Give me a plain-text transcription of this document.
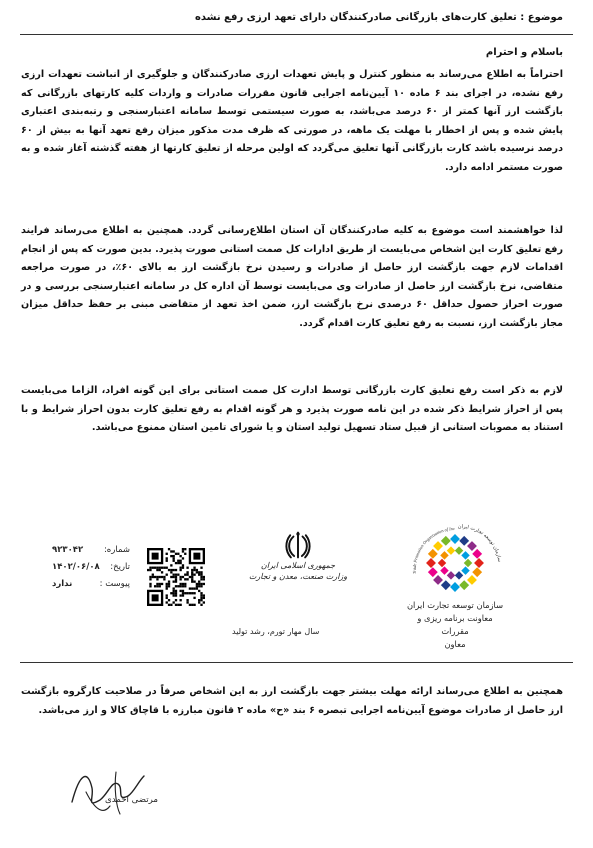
موضوع : تعلیق کارت‌های بازرگانی صادرکنندگان دارای تعهد ارزی رفع نشده
باسلام و احترام
احتراماً به اطلاع می‌رساند به منظور کنترل و پایش تعهدات ارزی صادرکنندگان و جلوگیری از انباشت تعهدات ارزی رفع نشده، در اجرای بند ۶ ماده ۱۰ آیین‌نامه اجرایی قانون مقررات صادرات و واردات کلیه کارتهای بازرگانی که بازگشت ارز آنها کمتر از ۶۰ درصد می‌باشد، به صورت سیستمی توسط سامانه اعتبارسنجی و رتبه‌بندی اعتباری پایش شده و پس از اخطار با مهلت یک ماهه، در صورتی که ظرف مدت مذکور میزان رفع تعهد آنها به بیش از ۶۰ درصد نرسیده باشد کارت بازرگانی آنها تعلیق می‌گردد که اولین مرحله از تعلیق کارتها از هفته گذشته آغاز شده و به صورت مستمر ادامه دارد.
لذا خواهشمند است موضوع به کلیه صادرکنندگان آن استان اطلاع‌رسانی گردد. همچنین به اطلاع می‌رساند فرایند رفع تعلیق کارت این اشخاص می‌بایست از طریق ادارات کل صمت استانی صورت پذیرد. بدین صورت که پس از انجام اقدامات لازم جهت بازگشت ارز حاصل از صادرات و رسیدن نرخ بازگشت ارز به بالای ۶۰٪، در صورت مراجعه متقاضی، نرخ بازگشت ارز حاصل از صادرات وی می‌بایست توسط آن اداره کل در سامانه اعتبارسنجی بررسی و در صورت احراز حصول حداقل ۶۰ درصدی نرخ بازگشت ارز، ضمن اخذ تعهد از متقاضی مبنی بر حفظ حداقل میزان مجاز بازگشت ارز، نسبت به رفع تعلیق کارت اقدام گردد.
لازم به ذکر است رفع تعلیق کارت بازرگانی توسط ادارت کل صمت استانی برای این گونه افراد، الزاما می‌بایست پس از احراز شرایط ذکر شده در این نامه صورت پذیرد و هر گونه اقدام به رفع تعلیق کارت بدون احراز شرایط و با استناد به مصوبات استانی از قبیل ستاد تسهیل تولید استان و یا شورای تامین استان ممنوع می‌باشد.
شماره:
۹۲۳۰۴۲
تاریخ:
۱۴۰۲/۰۶/۰۸
پیوست :
ندارد
جمهوری اسلامی ایران
وزارت صنعت، معدن و تجارت
سال مهار تورم، رشد تولید
سازمان توسعه تجارت ایران
Trade Promotion Organization of Ira
سازمان توسعه تجارت ایران
معاونت برنامه ریزی و مقررات
معاون
همچنین به اطلاع می‌رساند ارائه مهلت بیشتر جهت بازگشت ارز به این اشخاص صرفاً در صلاحیت کارگروه بازگشت ارز حاصل از صادرات موضوع آیین‌نامه اجرایی تبصره ۶ بند «ح» ماده ۲ قانون مبارزه با قاچاق کالا و ارز می‌باشد.
مرتضی احمدی
